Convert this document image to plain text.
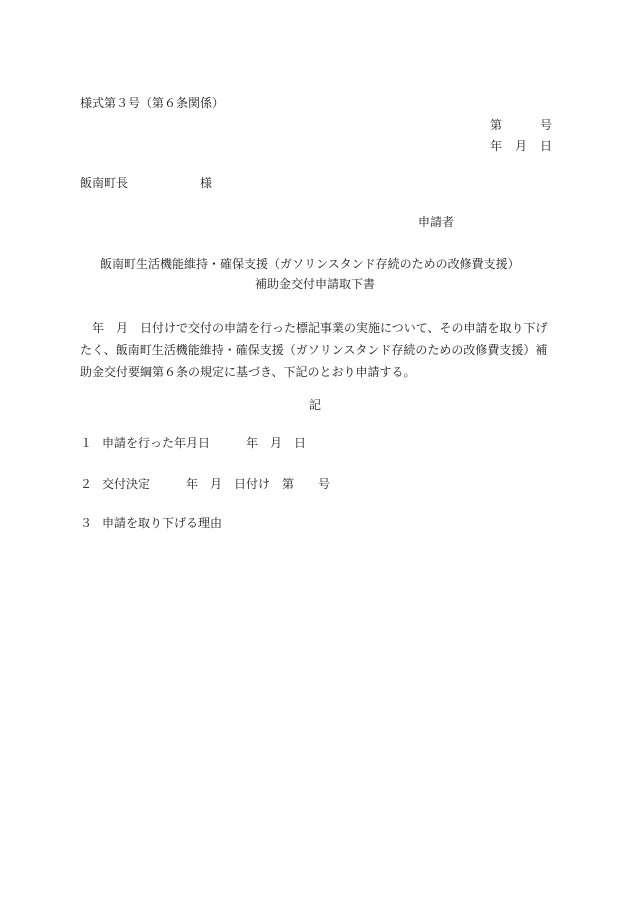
様式第３号（第６条関係）
第	号
年 月 日
飯南町長	様
申請者
飯南町生活機能維持・確保支援（ガソリンスタンド存続のための改修費支援）
補助金交付申請取下書
　年　月　日付けで交付の申請を行った標記事業の実施について、その申請を取り下げ
たく、飯南町生活機能維持・確保支援（ガソリンスタンド存続のための改修費支援）補
助金交付要綱第６条の規定に基づき、下記のとおり申請する。
記
１ 申請を行った年月日　　　年　月　日
２ 交付決定　　　年　月　日付け　第　　号
３ 申請を取り下げる理由
